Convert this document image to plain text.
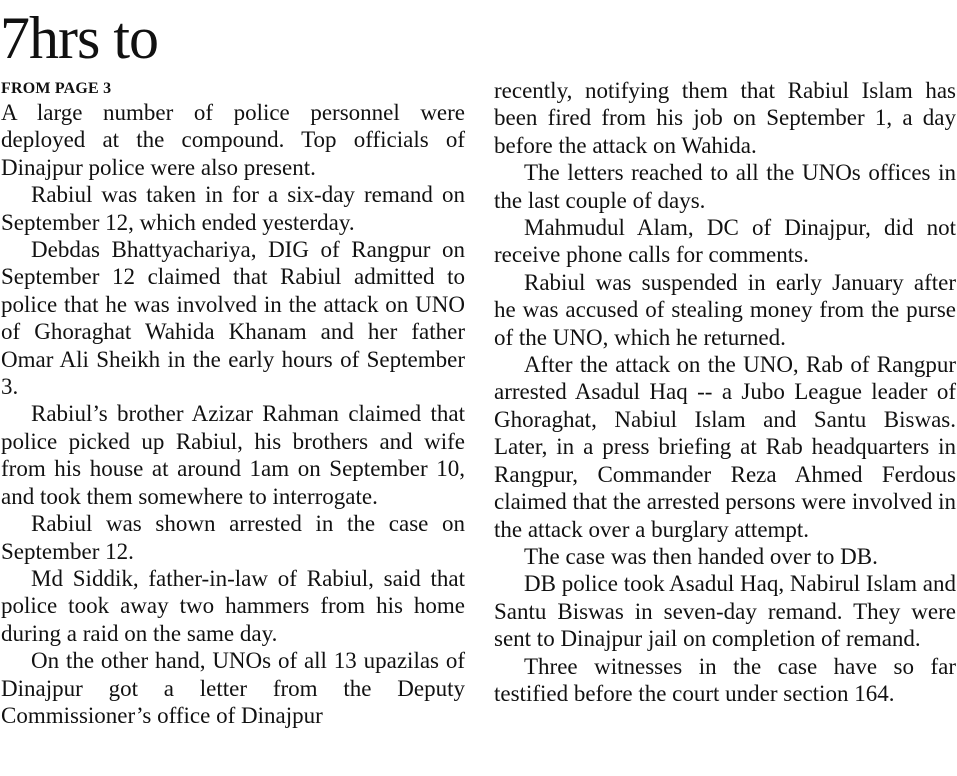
7hrs to
FROM PAGE 3

A large number of police personnel were deployed at the compound. Top officials of Dinajpur police were also present.

Rabiul was taken in for a six-day remand on September 12, which ended yesterday.

Debdas Bhattyachariya, DIG of Rangpur on September 12 claimed that Rabiul admitted to police that he was involved in the attack on UNO of Ghoraghat Wahida Khanam and her father Omar Ali Sheikh in the early hours of September 3.

Rabiul’s brother Azizar Rahman claimed that police picked up Rabiul, his brothers and wife from his house at around 1am on September 10, and took them somewhere to interrogate.

Rabiul was shown arrested in the case on September 12.

Md Siddik, father-in-law of Rabiul, said that police took away two hammers from his home during a raid on the same day.

On the other hand, UNOs of all 13 upazilas of Dinajpur got a letter from the Deputy Commissioner’s office of Dinajpur

recently, notifying them that Rabiul Islam has been fired from his job on September 1, a day before the attack on Wahida.

The letters reached to all the UNOs offices in the last couple of days.

Mahmudul Alam, DC of Dinajpur, did not receive phone calls for comments.

Rabiul was suspended in early January after he was accused of stealing money from the purse of the UNO, which he returned.

After the attack on the UNO, Rab of Rangpur arrested Asadul Haq -- a Jubo League leader of Ghoraghat, Nabiul Islam and Santu Biswas. Later, in a press briefing at Rab headquarters in Rangpur, Commander Reza Ahmed Ferdous claimed that the arrested persons were involved in the attack over a burglary attempt.

The case was then handed over to DB.

DB police took Asadul Haq, Nabirul Islam and Santu Biswas in seven-day remand. They were sent to Dinajpur jail on completion of remand.

Three witnesses in the case have so far testified before the court under section 164.
